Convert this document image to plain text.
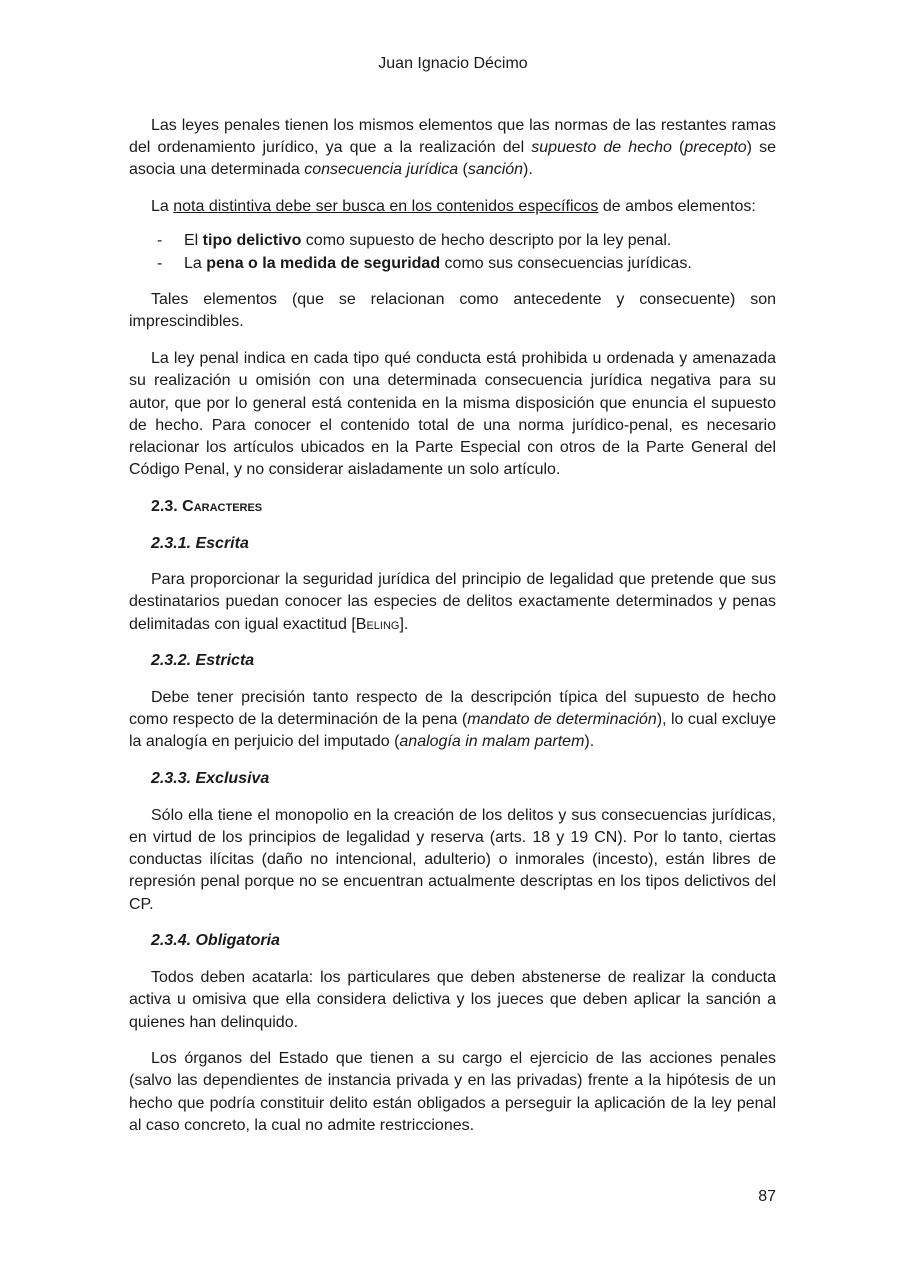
Juan Ignacio Décimo

Las leyes penales tienen los mismos elementos que las normas de las restantes ramas del ordenamiento jurídico, ya que a la realización del supuesto de hecho (precepto) se asocia una determinada consecuencia jurídica (sanción).

La nota distintiva debe ser busca en los contenidos específicos de ambos elementos:

- El tipo delictivo como supuesto de hecho descripto por la ley penal.
- La pena o la medida de seguridad como sus consecuencias jurídicas.

Tales elementos (que se relacionan como antecedente y consecuente) son imprescindibles.

La ley penal indica en cada tipo qué conducta está prohibida u ordenada y amenazada su realización u omisión con una determinada consecuencia jurídica negativa para su autor, que por lo general está contenida en la misma disposición que enuncia el supuesto de hecho. Para conocer el contenido total de una norma jurídico-penal, es necesario relacionar los artículos ubicados en la Parte Especial con otros de la Parte General del Código Penal, y no considerar aisladamente un solo artículo.

2.3. Caracteres
2.3.1. Escrita

Para proporcionar la seguridad jurídica del principio de legalidad que pretende que sus destinatarios puedan conocer las especies de delitos exactamente determinados y penas delimitadas con igual exactitud [Beling].

2.3.2. Estricta

Debe tener precisión tanto respecto de la descripción típica del supuesto de hecho como respecto de la determinación de la pena (mandato de determinación), lo cual excluye la analogía en perjuicio del imputado (analogía in malam partem).

2.3.3. Exclusiva

Sólo ella tiene el monopolio en la creación de los delitos y sus consecuencias jurídicas, en virtud de los principios de legalidad y reserva (arts. 18 y 19 CN). Por lo tanto, ciertas conductas ilícitas (daño no intencional, adulterio) o inmorales (incesto), están libres de represión penal porque no se encuentran actualmente descriptas en los tipos delictivos del CP.

2.3.4. Obligatoria

Todos deben acatarla: los particulares que deben abstenerse de realizar la conducta activa u omisiva que ella considera delictiva y los jueces que deben aplicar la sanción a quienes han delinquido.

Los órganos del Estado que tienen a su cargo el ejercicio de las acciones penales (salvo las dependientes de instancia privada y en las privadas) frente a la hipótesis de un hecho que podría constituir delito están obligados a perseguir la aplicación de la ley penal al caso concreto, la cual no admite restricciones.

87
